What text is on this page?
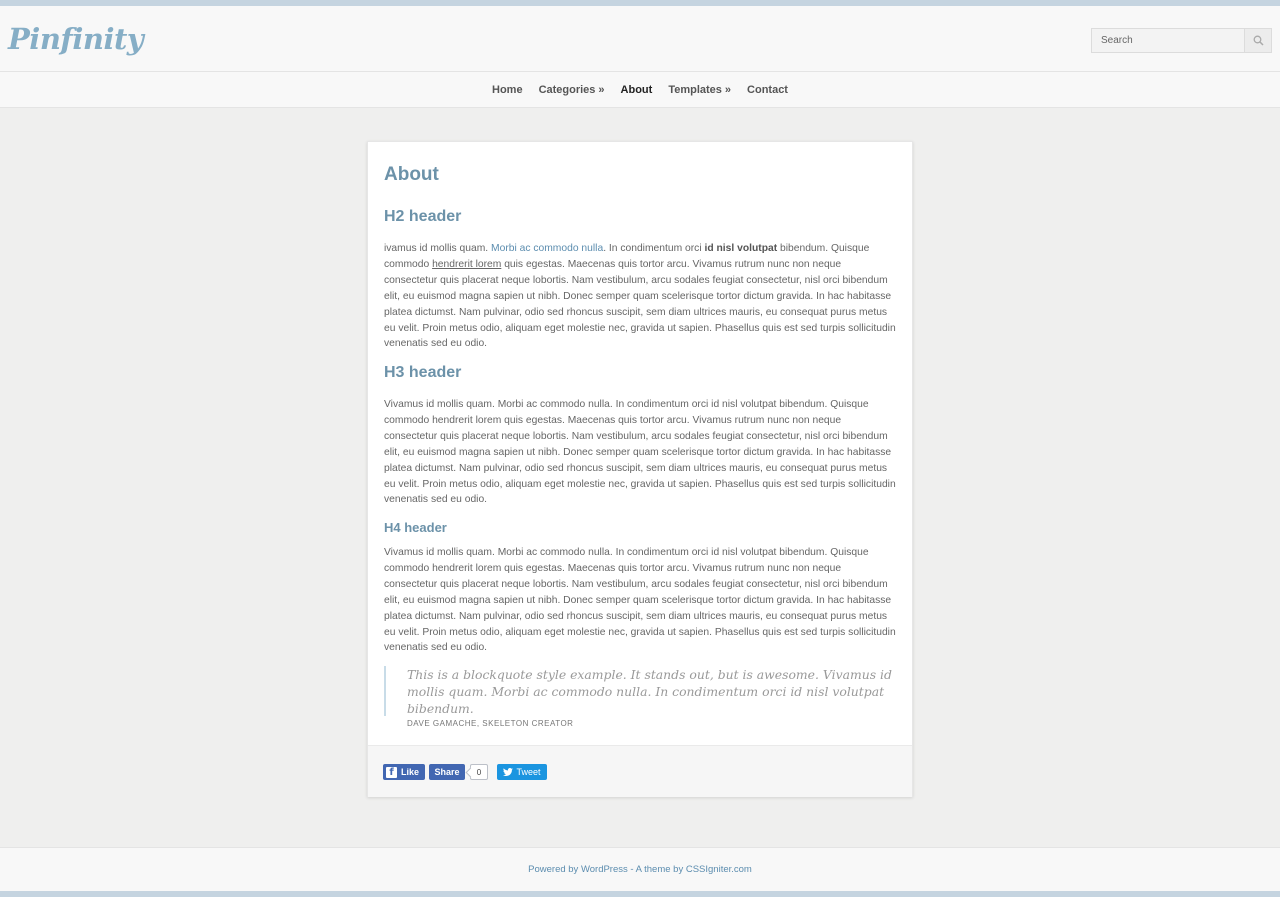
Pinfinity
Search
Home Categories » About Templates » Contact
About
H2 header

ivamus id mollis quam. Morbi ac commodo nulla. In condimentum orci id nisl volutpat bibendum. Quisque commodo hendrerit lorem quis egestas. Maecenas quis tortor arcu. Vivamus rutrum nunc non neque consectetur quis placerat neque lobortis. Nam vestibulum, arcu sodales feugiat consectetur, nisl orci bibendum elit, eu euismod magna sapien ut nibh. Donec semper quam scelerisque tortor dictum gravida. In hac habitasse platea dictumst. Nam pulvinar, odio sed rhoncus suscipit, sem diam ultrices mauris, eu consequat purus metus eu velit. Proin metus odio, aliquam eget molestie nec, gravida ut sapien. Phasellus quis est sed turpis sollicitudin venenatis sed eu odio.

H3 header

Vivamus id mollis quam. Morbi ac commodo nulla. In condimentum orci id nisl volutpat bibendum. Quisque commodo hendrerit lorem quis egestas. Maecenas quis tortor arcu. Vivamus rutrum nunc non neque consectetur quis placerat neque lobortis. Nam vestibulum, arcu sodales feugiat consectetur, nisl orci bibendum elit, eu euismod magna sapien ut nibh. Donec semper quam scelerisque tortor dictum gravida. In hac habitasse platea dictumst. Nam pulvinar, odio sed rhoncus suscipit, sem diam ultrices mauris, eu consequat purus metus eu velit. Proin metus odio, aliquam eget molestie nec, gravida ut sapien. Phasellus quis est sed turpis sollicitudin venenatis sed eu odio.

H4 header

Vivamus id mollis quam. Morbi ac commodo nulla. In condimentum orci id nisl volutpat bibendum. Quisque commodo hendrerit lorem quis egestas. Maecenas quis tortor arcu. Vivamus rutrum nunc non neque consectetur quis placerat neque lobortis. Nam vestibulum, arcu sodales feugiat consectetur, nisl orci bibendum elit, eu euismod magna sapien ut nibh. Donec semper quam scelerisque tortor dictum gravida. In hac habitasse platea dictumst. Nam pulvinar, odio sed rhoncus suscipit, sem diam ultrices mauris, eu consequat purus metus eu velit. Proin metus odio, aliquam eget molestie nec, gravida ut sapien. Phasellus quis est sed turpis sollicitudin venenatis sed eu odio.

This is a blockquote style example. It stands out, but is awesome. Vivamus id mollis quam. Morbi ac commodo nulla. In condimentum orci id nisl volutpat bibendum.
DAVE GAMACHE, SKELETON CREATOR
f Like Share	0	Tweet
Powered by WordPress - A theme by CSSIgniter.com
